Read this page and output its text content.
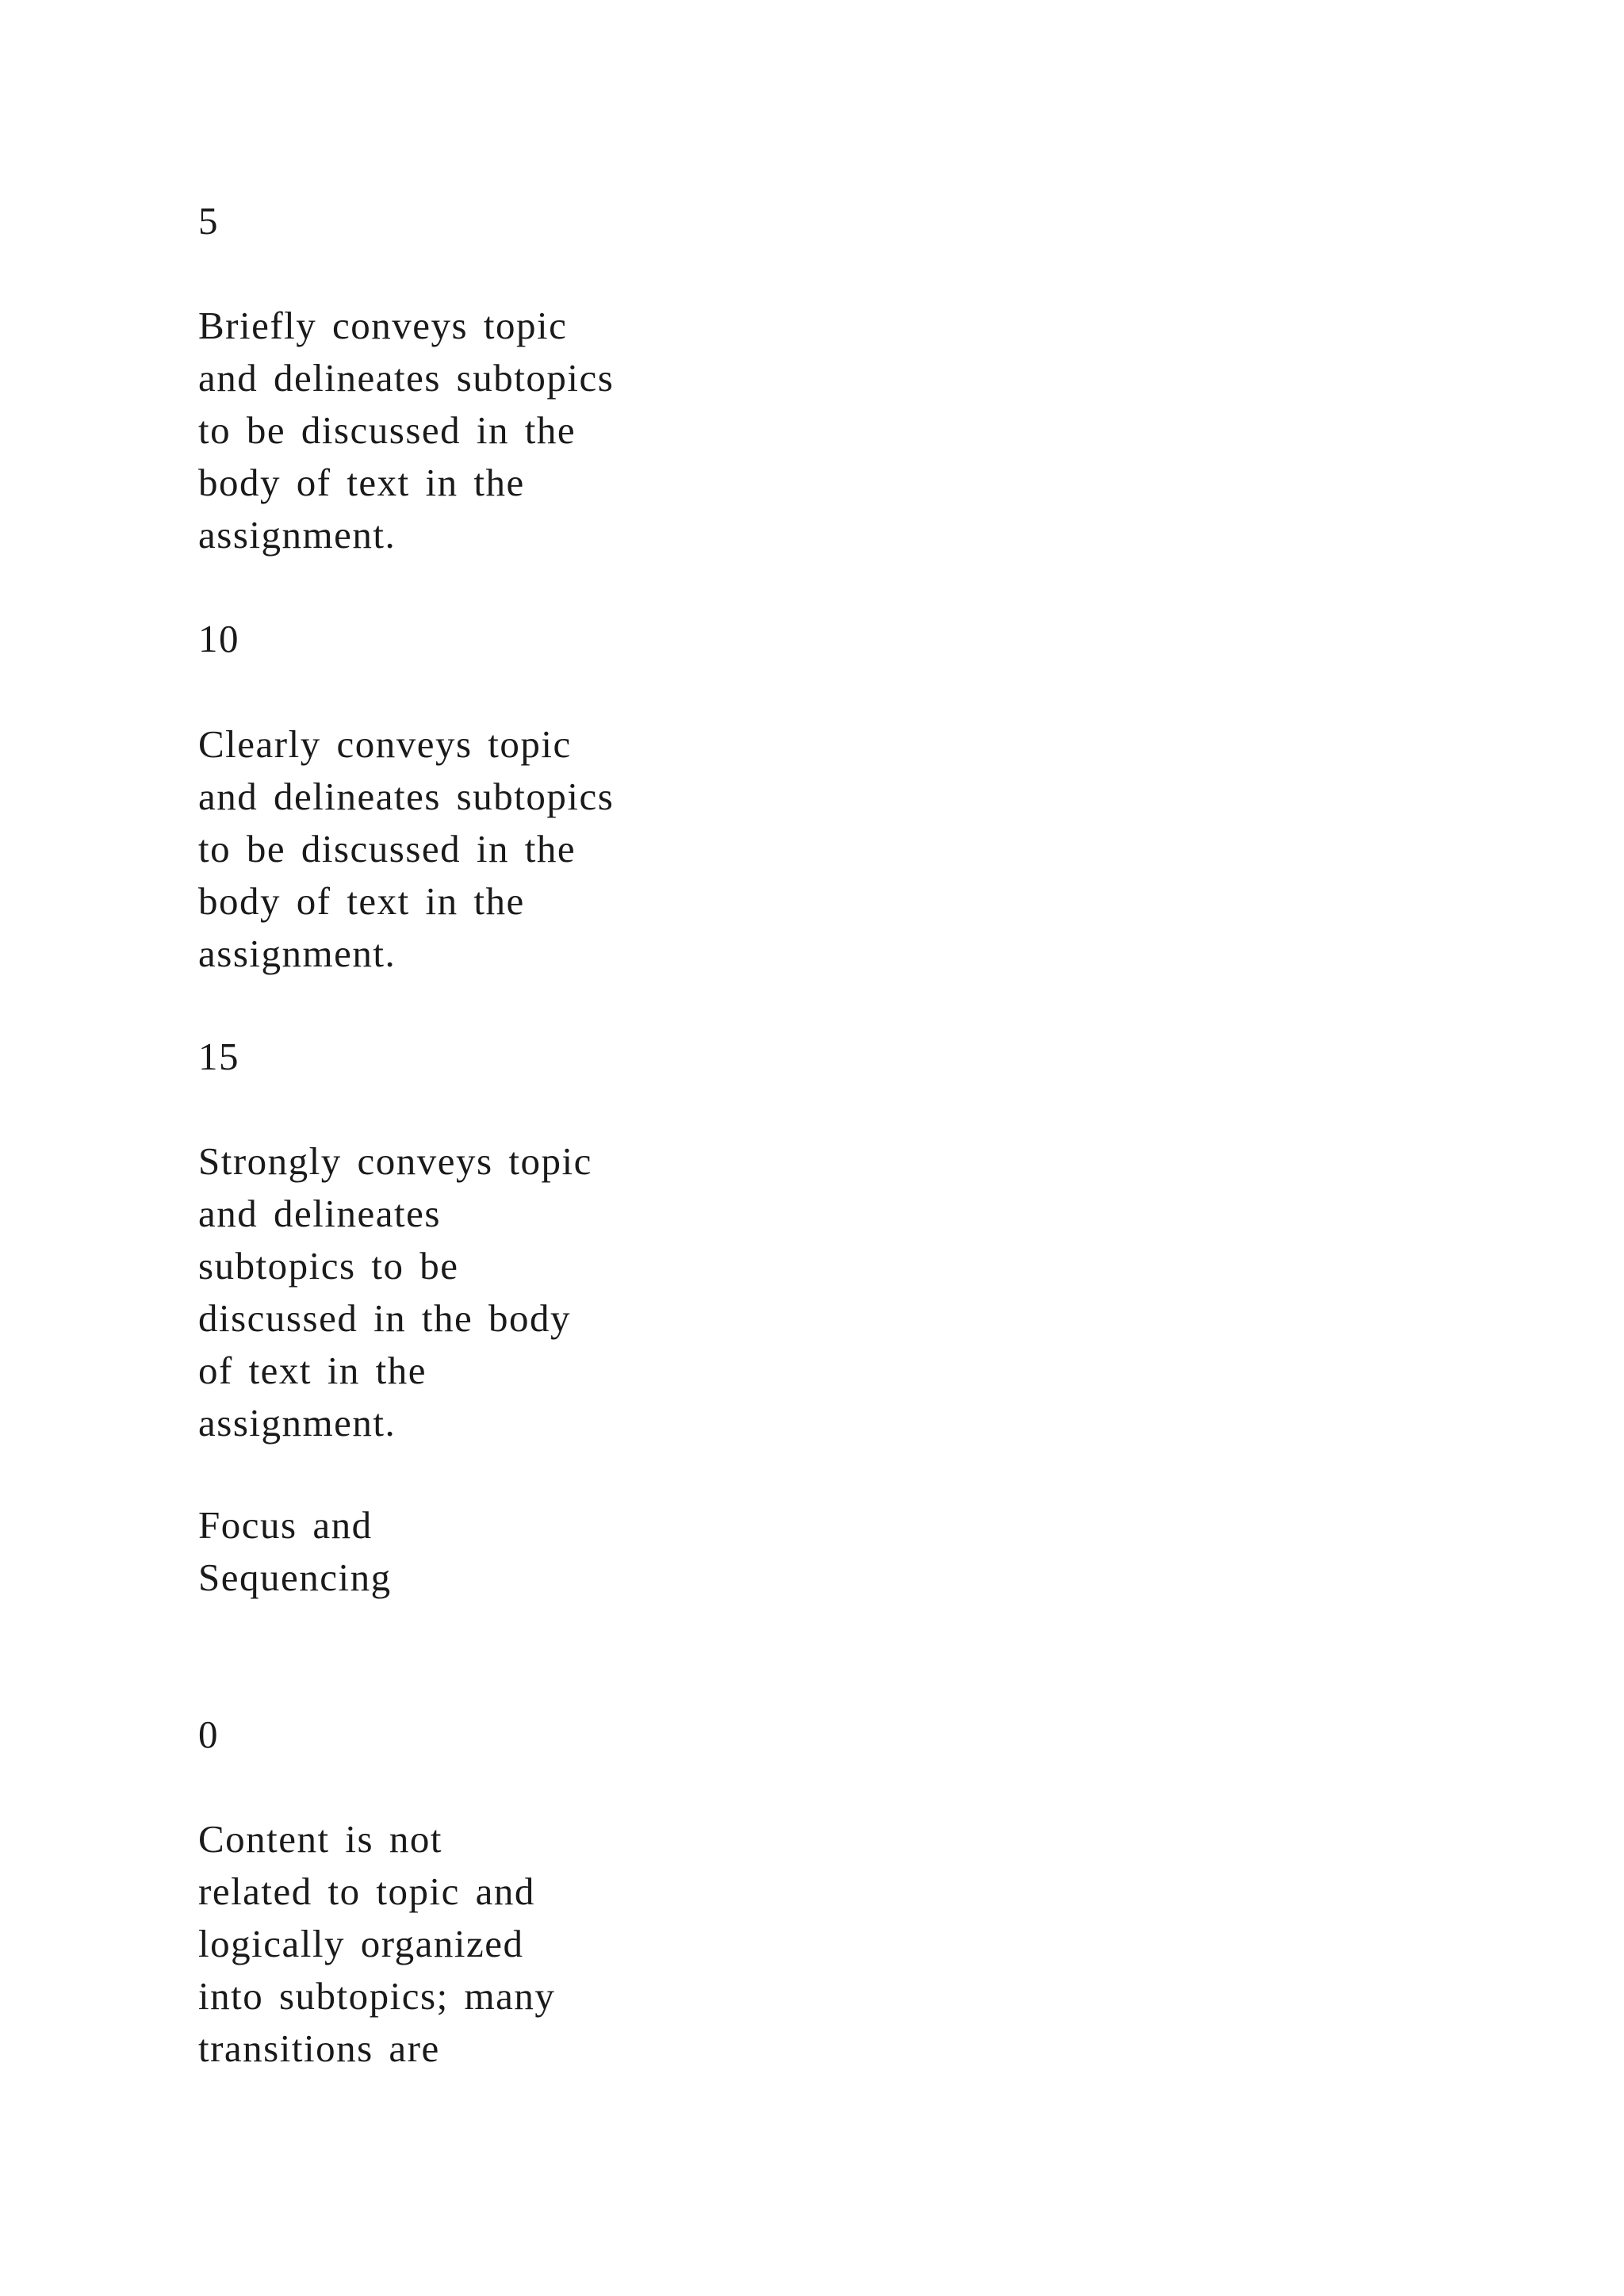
5

Briefly conveys topic
and delineates subtopics
to be discussed in the
body of text in the
assignment.

10

Clearly conveys topic
and delineates subtopics
to be discussed in the
body of text in the
assignment.

15

Strongly conveys topic
and delineates
subtopics to be
discussed in the body
of text in the
assignment.

Focus and
Sequencing

0

Content is not
related to topic and
logically organized
into subtopics; many
transitions are
